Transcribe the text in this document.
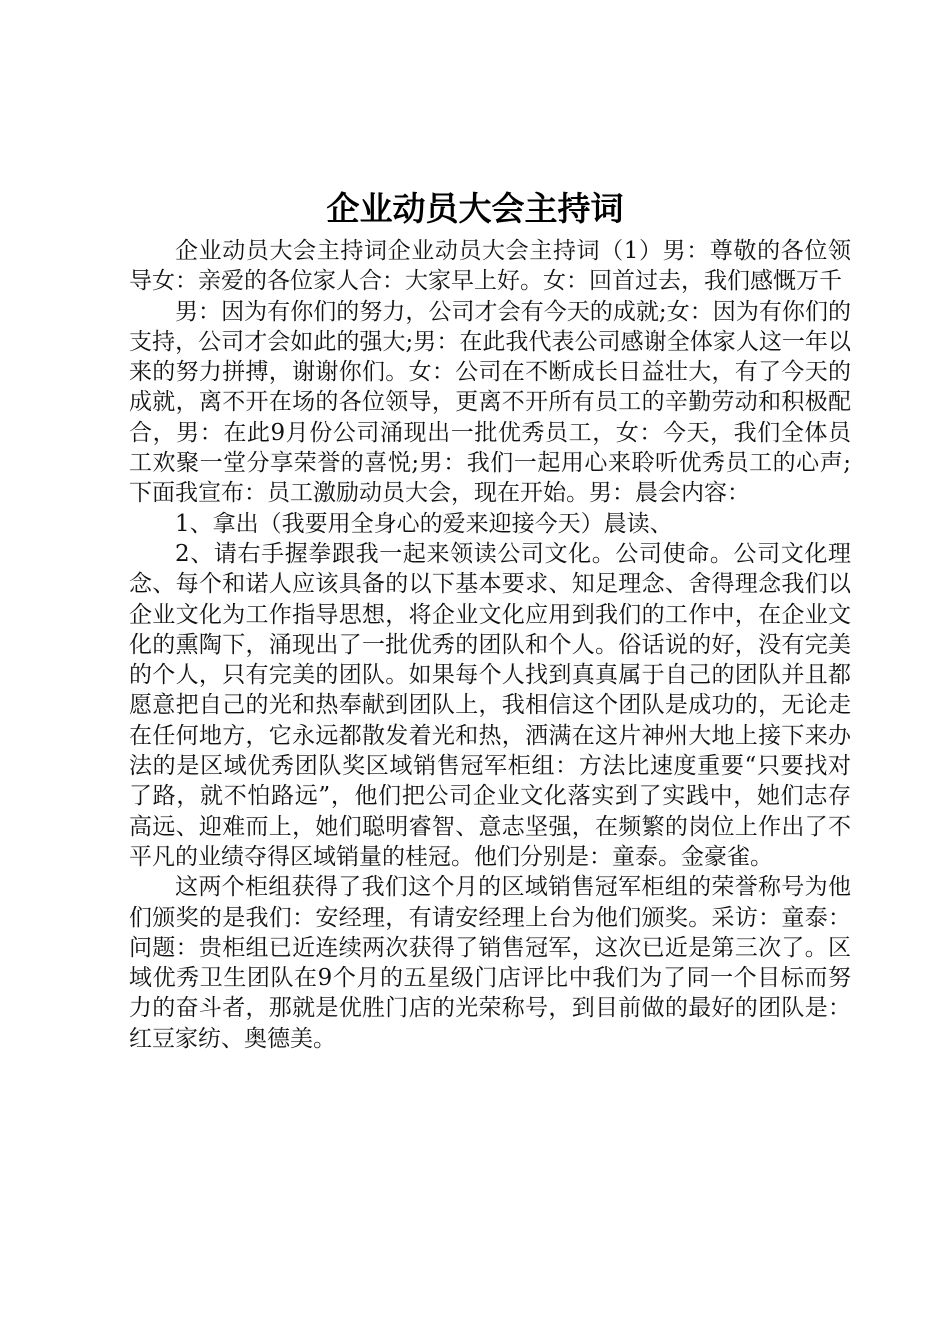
企业动员大会主持词

企业动员大会主持词企业动员大会主持词（1）男：尊敬的各位领导女：亲爱的各位家人合：大家早上好。女：回首过去，我们感慨万千

男：因为有你们的努力，公司才会有今天的成就;女：因为有你们的支持，公司才会如此的强大;男：在此我代表公司感谢全体家人这一年以来的努力拼搏，谢谢你们。女：公司在不断成长日益壮大，有了今天的成就，离不开在场的各位领导，更离不开所有员工的辛勤劳动和积极配合，男：在此9月份公司涌现出一批优秀员工，女：今天，我们全体员工欢聚一堂分享荣誉的喜悦;男：我们一起用心来聆听优秀员工的心声;下面我宣布：员工激励动员大会，现在开始。男：晨会内容：

1、拿出（我要用全身心的爱来迎接今天）晨读、

2、请右手握拳跟我一起来领读公司文化。公司使命。公司文化理念、每个和诺人应该具备的以下基本要求、知足理念、舍得理念我们以企业文化为工作指导思想，将企业文化应用到我们的工作中，在企业文化的熏陶下，涌现出了一批优秀的团队和个人。俗话说的好，没有完美的个人，只有完美的团队。如果每个人找到真真属于自己的团队并且都愿意把自己的光和热奉献到团队上，我相信这个团队是成功的，无论走在任何地方，它永远都散发着光和热，洒满在这片神州大地上接下来办法的是区域优秀团队奖区域销售冠军柜组：方法比速度重要“只要找对了路，就不怕路远”，他们把公司企业文化落实到了实践中，她们志存高远、迎难而上，她们聪明睿智、意志坚强，在频繁的岗位上作出了不平凡的业绩夺得区域销量的桂冠。他们分别是：童泰。金豪雀。

这两个柜组获得了我们这个月的区域销售冠军柜组的荣誉称号为他们颁奖的是我们：安经理，有请安经理上台为他们颁奖。采访：童泰：问题：贵柜组已近连续两次获得了销售冠军，这次已近是第三次了。区域优秀卫生团队在9个月的五星级门店评比中我们为了同一个目标而努力的奋斗者，那就是优胜门店的光荣称号，到目前做的最好的团队是：红豆家纺、奥德美。
